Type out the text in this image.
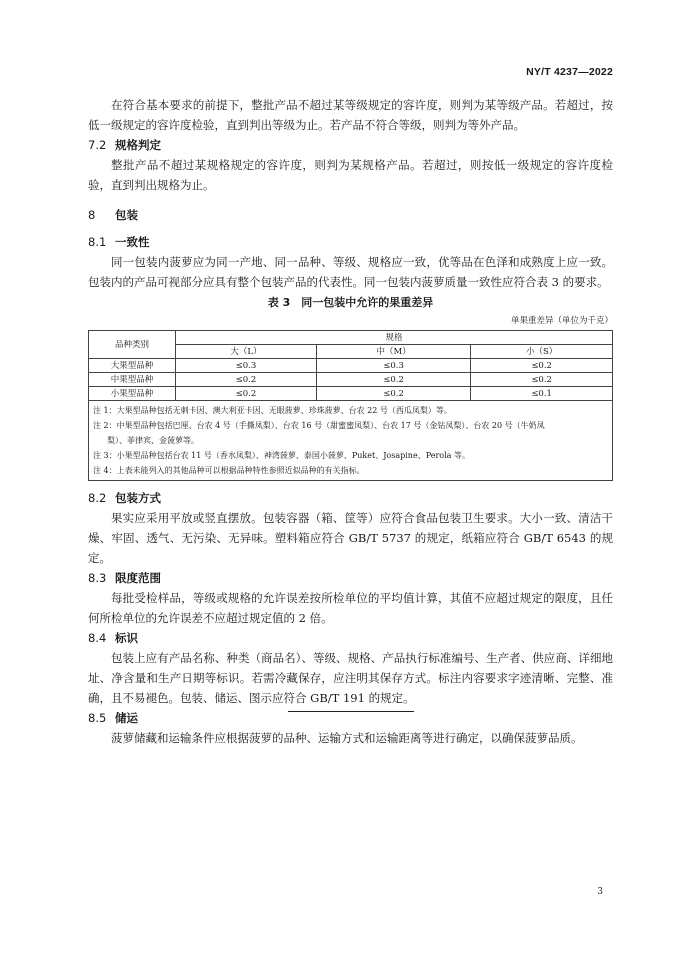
NY/T 4237—2022

在符合基本要求的前提下，整批产品不超过某等级规定的容许度，则判为某等级产品。若超过，按低一级规定的容许度检验，直到判出等级为止。若产品不符合等级，则判为等外产品。

7.2 规格判定

整批产品不超过某规格规定的容许度，则判为某规格产品。若超过，则按低一级规定的容许度检验，直到判出规格为止。

8 包装
8.1 一致性

同一包装内菠萝应为同一产地、同一品种、等级、规格应一致，优等品在色泽和成熟度上应一致。包装内的产品可视部分应具有整个包装产品的代表性。同一包装内菠萝质量一致性应符合表 3 的要求。

表 3　同一包装中允许的果重差异
单果重差异（单位为千克）
品种类别	规格		
	大（L）	中（M）	小（S）
大果型品种	≤0.3	≤0.3	≤0.2
中果型品种	≤0.2	≤0.2	≤0.2
小果型品种	≤0.2	≤0.2	≤0.1

注 1：大果型品种包括无刺卡因、澳大利亚卡因、无眼菠萝、珍珠菠萝、台农 22 号（西瓜凤梨）等。
注 2：中果型品种包括巴厘、台农 4 号（手撕凤梨）、台农 16 号（甜蜜蜜凤梨）、台农 17 号（金钻凤梨）、台农 20 号（牛奶凤
梨）、菲律宾、金菠萝等。
注 3：小果型品种包括台农 11 号（香水凤梨）、神湾菠萝、泰国小菠萝、Puket、Josapine、Perola 等。
注 4：上表未能列入的其他品种可以根据品种特性参照近似品种的有关指标。			
8.2 包装方式

果实应采用平放或竖直摆放。包装容器（箱、筐等）应符合食品包装卫生要求。大小一致、清洁干燥、牢固、透气、无污染、无异味。塑料箱应符合 GB/T 5737 的规定，纸箱应符合 GB/T 6543 的规定。

8.3 限度范围

每批受检样品，等级或规格的允许误差按所检单位的平均值计算，其值不应超过规定的限度，且任何所检单位的允许误差不应超过规定值的 2 倍。

8.4 标识

包装上应有产品名称、种类（商品名）、等级、规格、产品执行标准编号、生产者、供应商、详细地址、净含量和生产日期等标识。若需冷藏保存，应注明其保存方式。标注内容要求字迹清晰、完整、准确，且不易褪色。包装、储运、图示应符合 GB/T 191 的规定。

8.5 储运

菠萝储藏和运输条件应根据菠萝的品种、运输方式和运输距离等进行确定，以确保菠萝品质。

3
